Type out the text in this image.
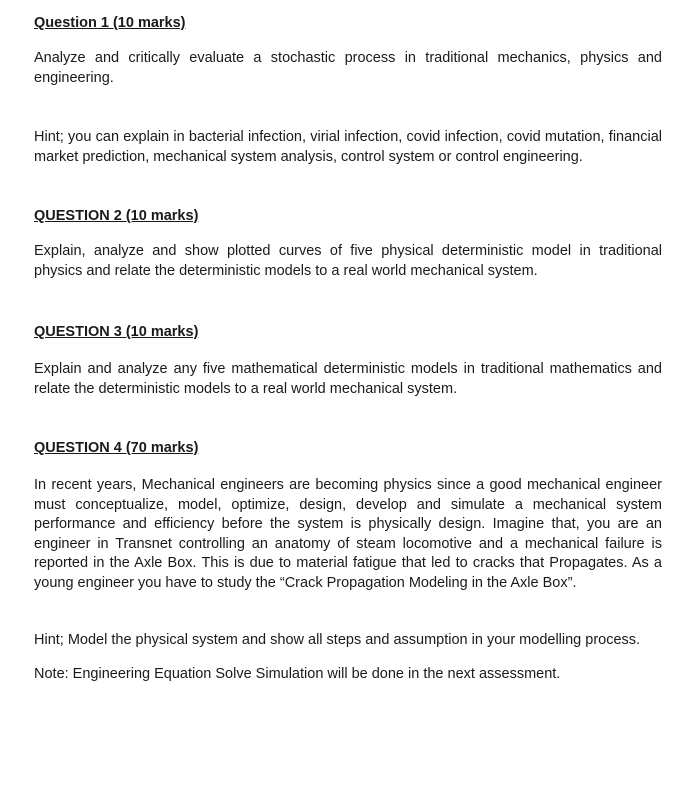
Question 1 (10 marks)

Analyze and critically evaluate a stochastic process in traditional mechanics, physics and engineering.

Hint; you can explain in bacterial infection, virial infection, covid infection, covid mutation, financial market prediction, mechanical system analysis, control system or control engineering.

QUESTION 2 (10 marks)

Explain, analyze and show plotted curves of five physical deterministic model in traditional physics and relate the deterministic models to a real world mechanical system.

QUESTION 3 (10 marks)

Explain and analyze any five mathematical deterministic models in traditional mathematics and relate the deterministic models to a real world mechanical system.

QUESTION 4 (70 marks)

In recent years, Mechanical engineers are becoming physics since a good mechanical engineer must conceptualize, model, optimize, design, develop and simulate a mechanical system performance and efficiency before the system is physically design. Imagine that, you are an engineer in Transnet controlling an anatomy of steam locomotive and a mechanical failure is reported in the Axle Box. This is due to material fatigue that led to cracks that Propagates. As a young engineer you have to study the “Crack Propagation Modeling in the Axle Box”.

Hint; Model the physical system and show all steps and assumption in your modelling process.

Note: Engineering Equation Solve Simulation will be done in the next assessment.
